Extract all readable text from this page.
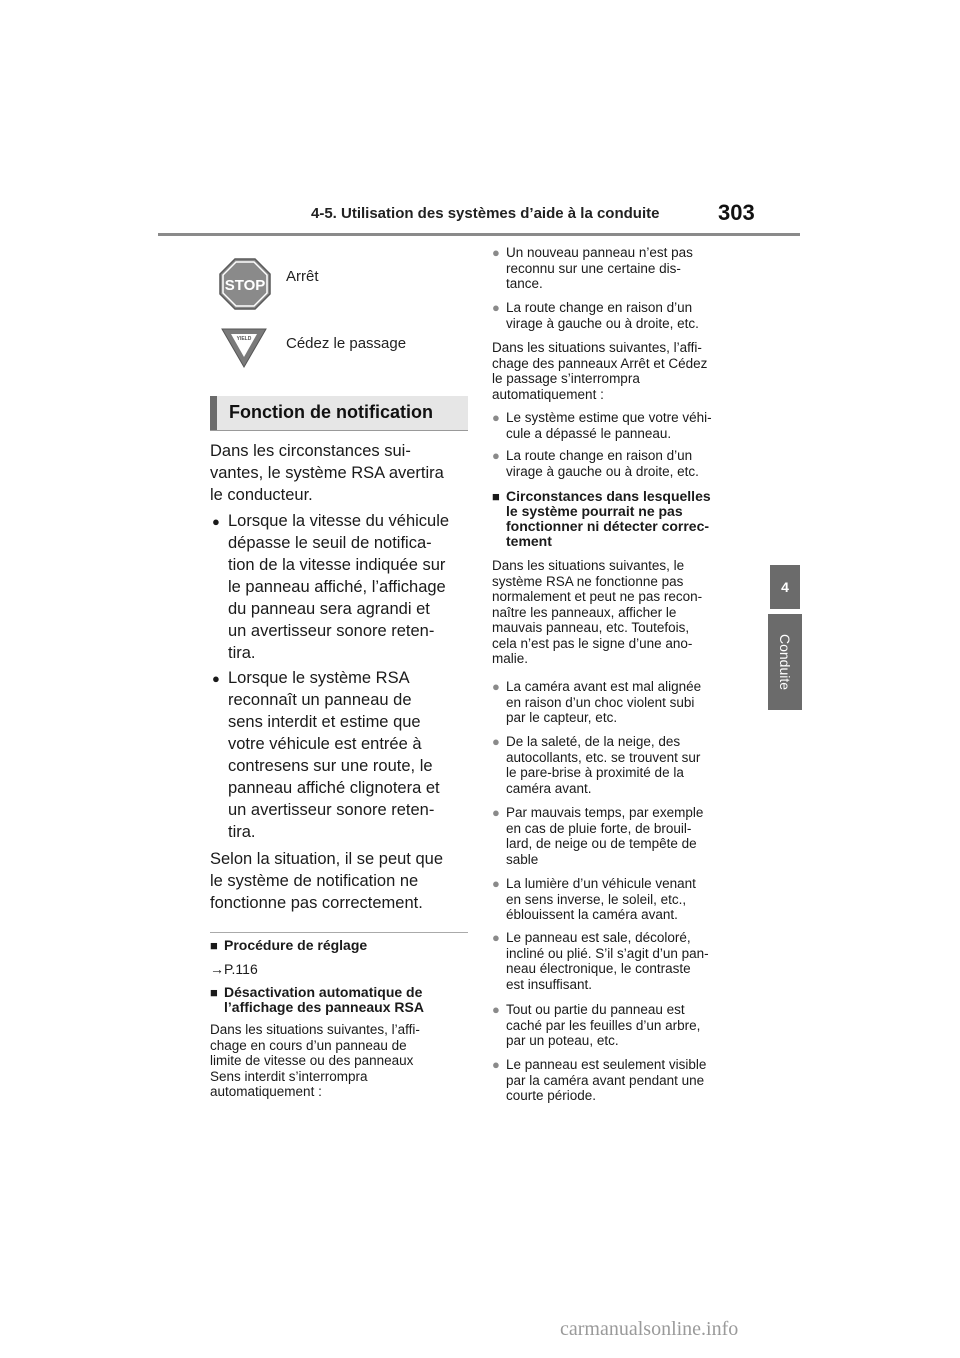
4-5. Utilisation des systèmes d’aide à la conduite	303
4
Conduite
STOP
Arrêt
YIELD Cédez le passage
Fonction de notification
Dans les circonstances sui-
vantes, le système RSA avertira
le conducteur.
● Lorsque la vitesse du véhicule
dépasse le seuil de notifica-
tion de la vitesse indiquée sur
le panneau affiché, l’affichage
du panneau sera agrandi et
un avertisseur sonore reten-
tira.
● Lorsque le système RSA
reconnaît un panneau de
sens interdit et estime que
votre véhicule est entrée à
contresens sur une route, le
panneau affiché clignotera et
un avertisseur sonore reten-
tira.
Selon la situation, il se peut que
le système de notification ne
fonctionne pas correctement.
■ Procédure de réglage
→P.116
■ Désactivation automatique de
l’affichage des panneaux RSA
Dans les situations suivantes, l’affi-
chage en cours d’un panneau de
limite de vitesse ou des panneaux
Sens interdit s’interrompra
automatiquement :
● Un nouveau panneau n’est pas
reconnu sur une certaine dis-
tance.
● La route change en raison d’un
virage à gauche ou à droite, etc.
Dans les situations suivantes, l’affi-
chage des panneaux Arrêt et Cédez
le passage s’interrompra
automatiquement :
● Le système estime que votre véhi-
cule a dépassé le panneau.
● La route change en raison d’un
virage à gauche ou à droite, etc.
■ Circonstances dans lesquelles
le système pourrait ne pas
fonctionner ni détecter correc-
tement
Dans les situations suivantes, le
système RSA ne fonctionne pas
normalement et peut ne pas recon-
naître les panneaux, afficher le
mauvais panneau, etc. Toutefois,
cela n’est pas le signe d’une ano-
malie.
● La caméra avant est mal alignée
en raison d’un choc violent subi
par le capteur, etc.
● De la saleté, de la neige, des
autocollants, etc. se trouvent sur
le pare-brise à proximité de la
caméra avant.
● Par mauvais temps, par exemple
en cas de pluie forte, de brouil-
lard, de neige ou de tempête de
sable
● La lumière d’un véhicule venant
en sens inverse, le soleil, etc.,
éblouissent la caméra avant.
● Le panneau est sale, décoloré,
incliné ou plié. S’il s’agit d’un pan-
neau électronique, le contraste
est insuffisant.
● Tout ou partie du panneau est
caché par les feuilles d’un arbre,
par un poteau, etc.
● Le panneau est seulement visible
par la caméra avant pendant une
courte période.
carmanualsonline.info
